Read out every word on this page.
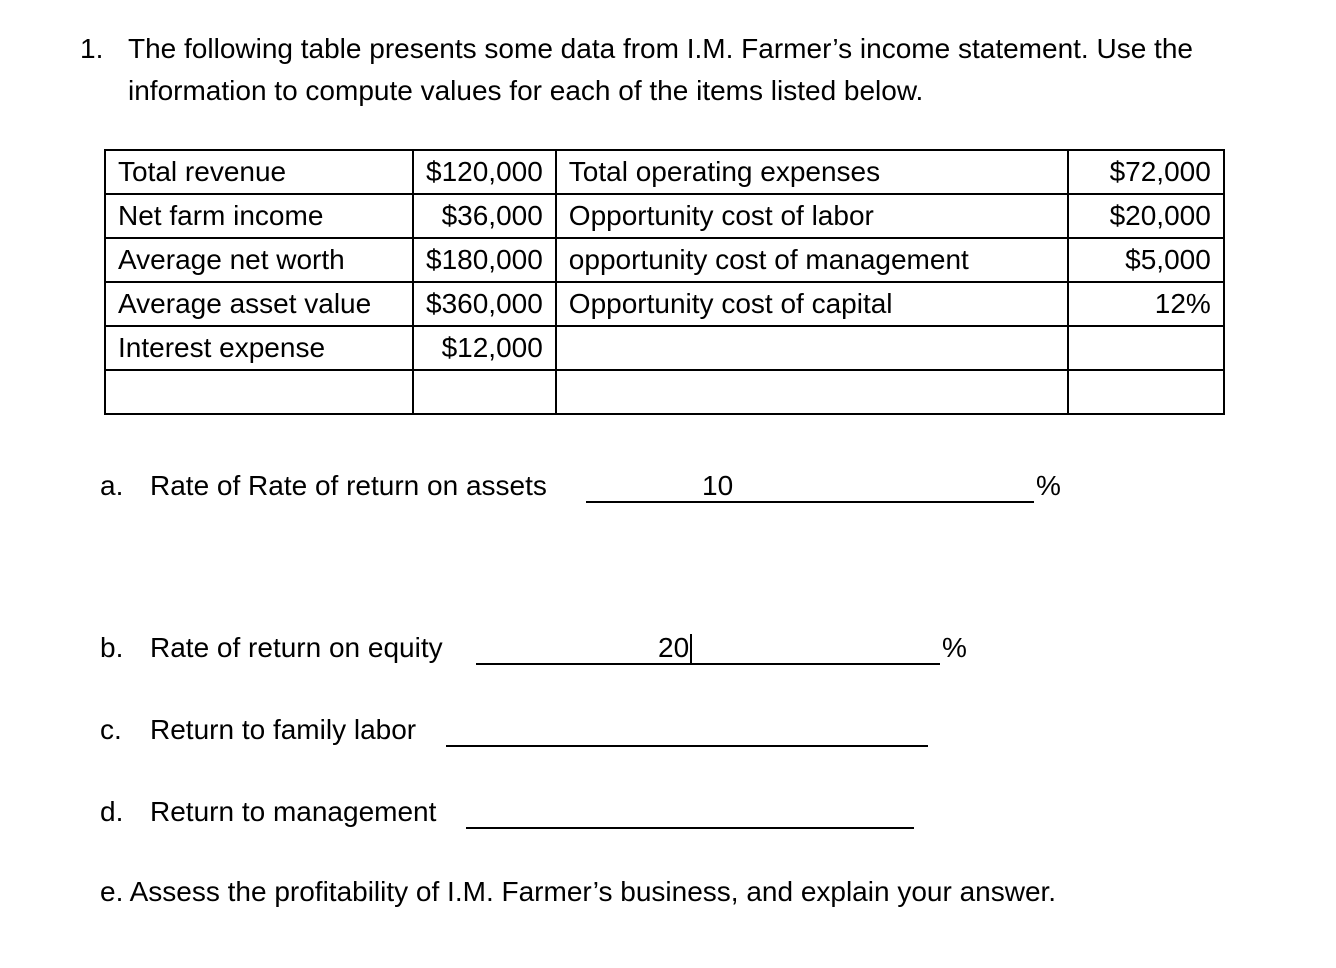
1. The following table presents some data from I.M. Farmer’s income statement. Use the information to compute values for each of the items listed below.
Total revenue	$120,000	Total operating expenses	$72,000
Net farm income	$36,000	Opportunity cost of labor	$20,000
Average net worth	$180,000	opportunity cost of management	$5,000
Average asset value	$360,000	Opportunity cost of capital	12%
Interest expense	$12,000		

a. Rate of Rate of return on assets	10	%
b. Rate of return on equity	20	%
c. Return to family labor
d. Return to management
e. Assess the profitability of I.M. Farmer’s business, and explain your answer.
